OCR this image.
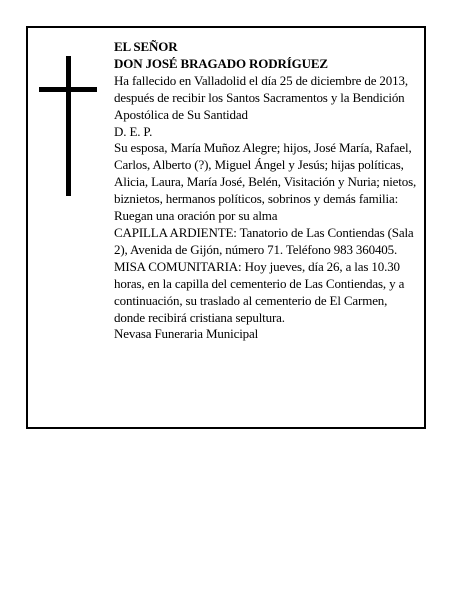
EL SEÑOR

DON JOSÉ BRAGADO RODRÍGUEZ

Ha fallecido en Valladolid el día 25 de diciembre de 2013, después de recibir los Santos Sacramentos y la Bendición Apostólica de Su Santidad

D. E. P.

Su esposa, María Muñoz Alegre; hijos, José María, Rafael, Carlos, Alberto (?), Miguel Ángel y Jesús; hijas políticas, Alicia, Laura, María José, Belén, Visitación y Nuria; nietos, biznietos, hermanos políticos, sobrinos y demás familia:

Ruegan una oración por su alma

CAPILLA ARDIENTE: Tanatorio de Las Contiendas (Sala 2), Avenida de Gijón, número 71. Teléfono 983 360405.

MISA COMUNITARIA: Hoy jueves, día 26, a las 10.30 horas, en la capilla del cementerio de Las Contiendas, y a continuación, su traslado al cementerio de El Carmen, donde recibirá cristiana sepultura.

Nevasa Funeraria Municipal
